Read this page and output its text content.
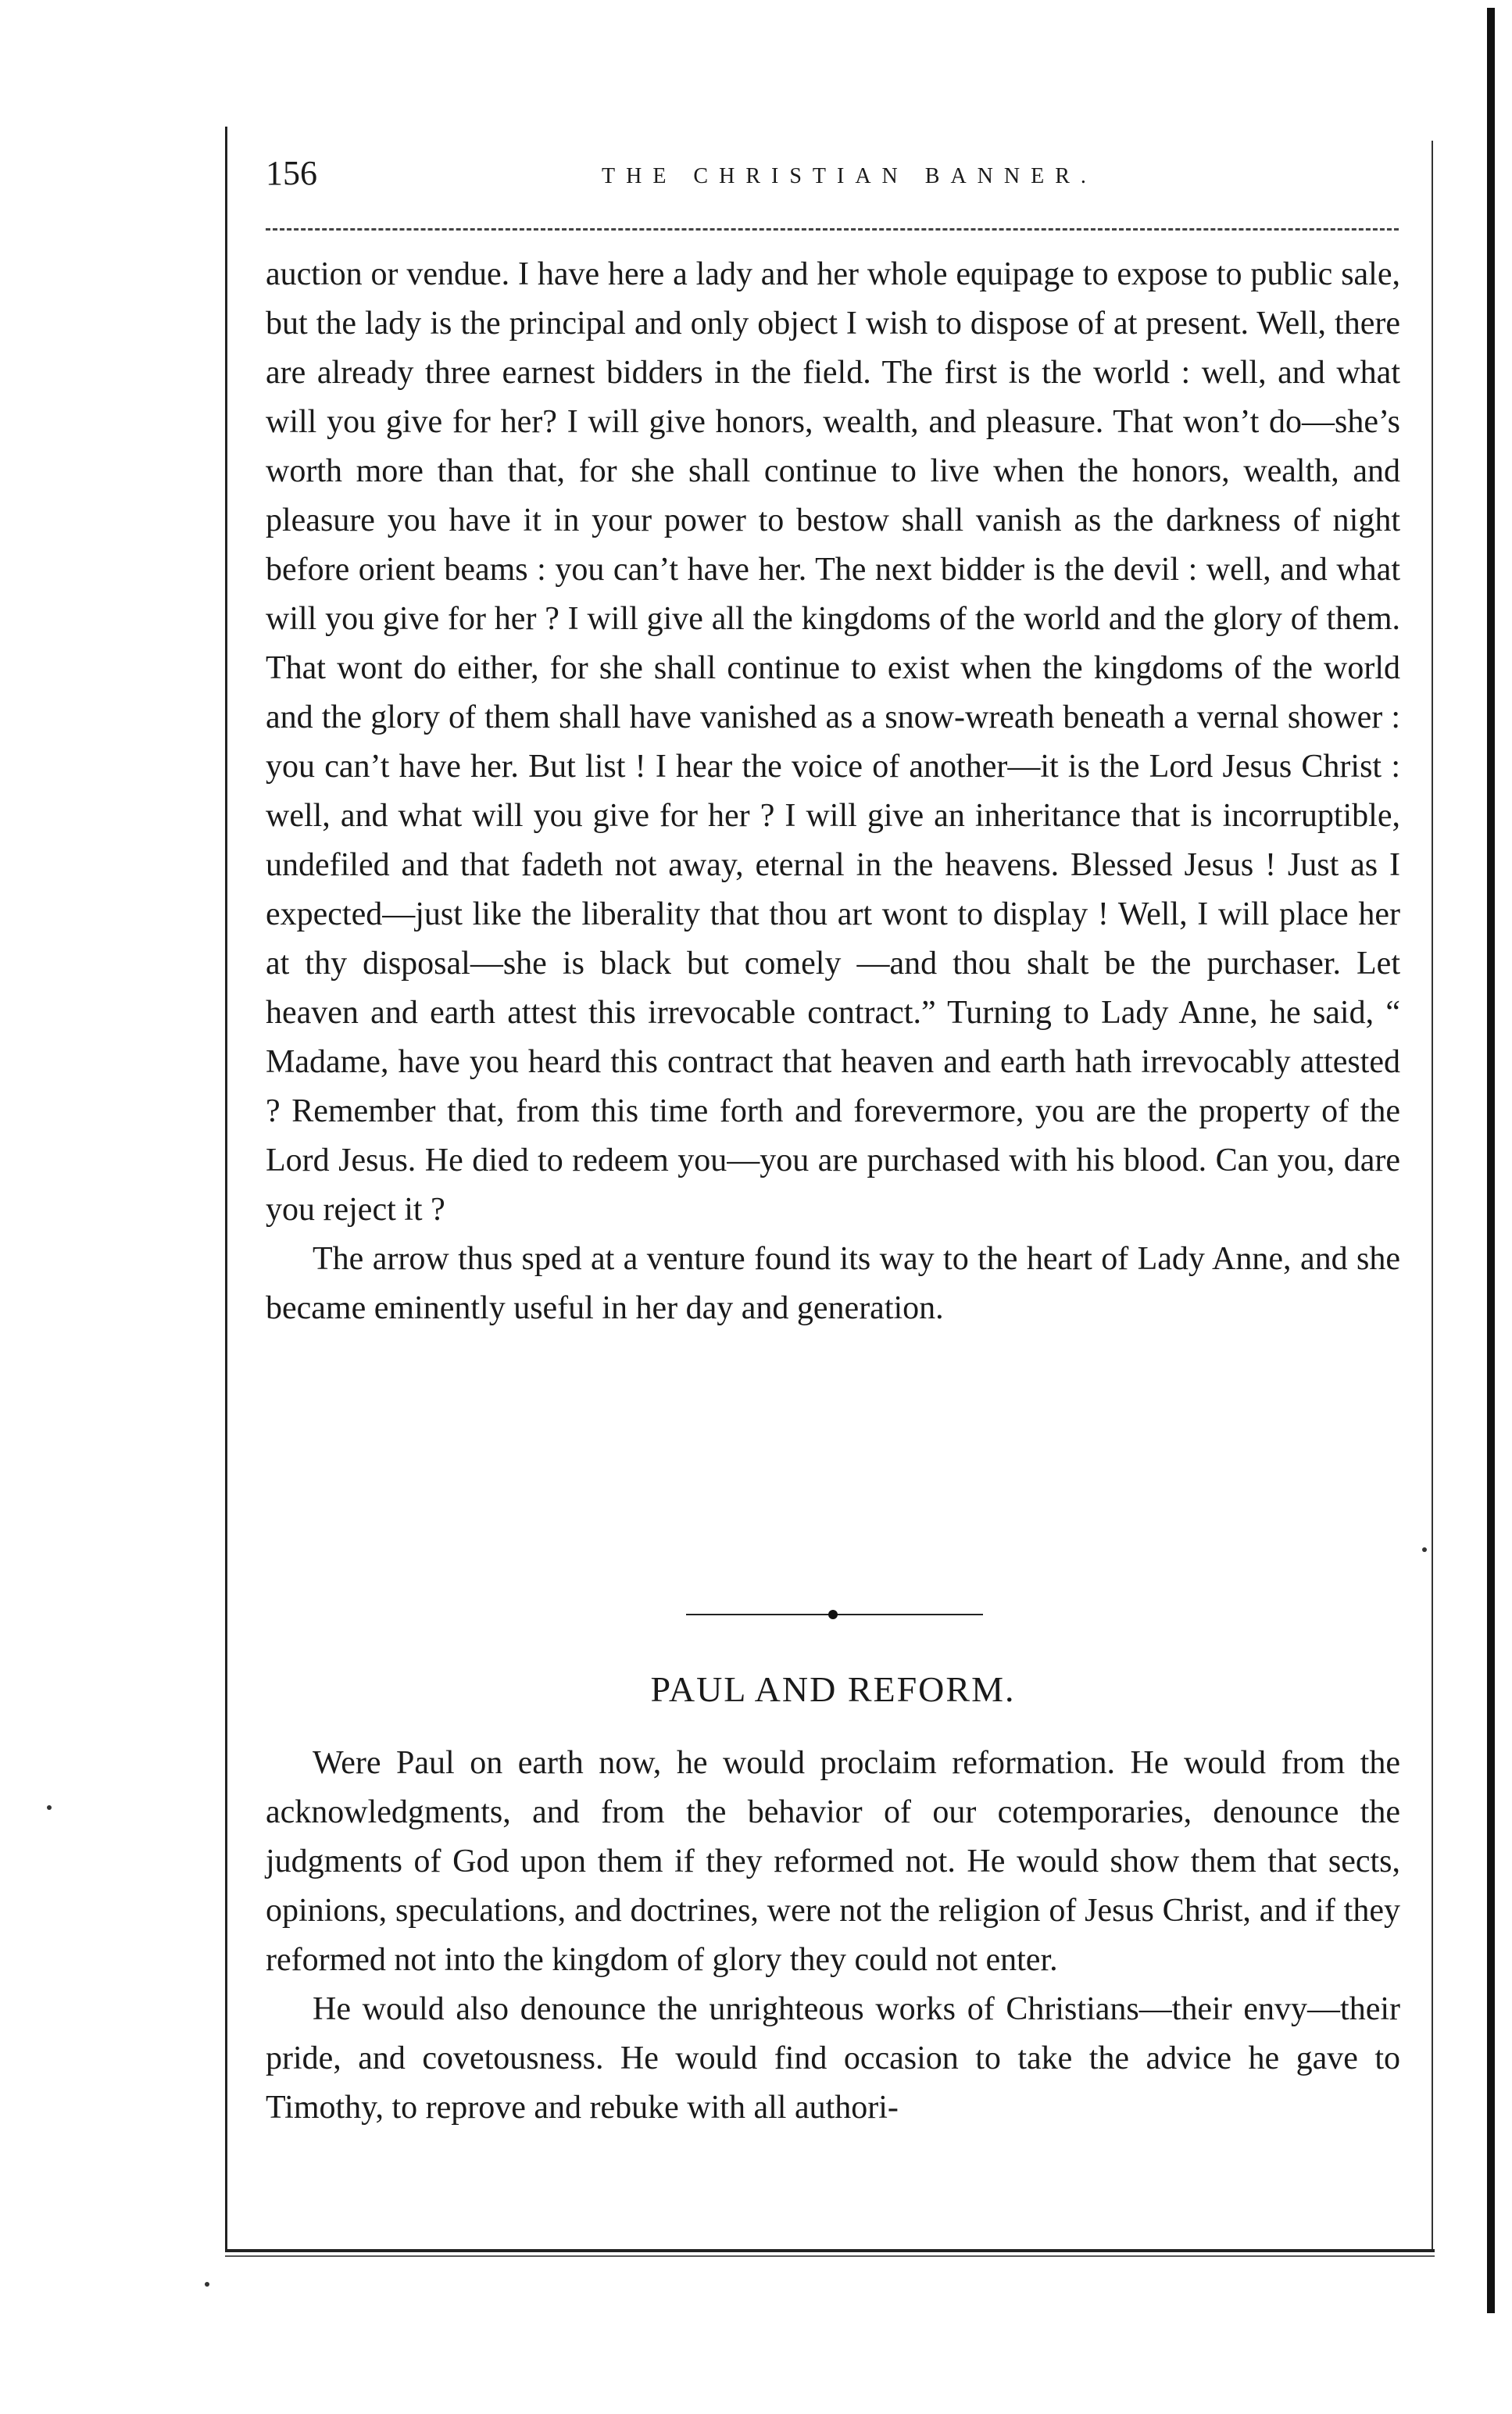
156	THE CHRISTIAN BANNER.

auction or vendue. I have here a lady and her whole equipage to expose to public sale, but the lady is the principal and only object I wish to dispose of at present. Well, there are already three earnest bidders in the field. The first is the world : well, and what will you give for her? I will give honors, wealth, and pleasure. That won’t do—she’s worth more than that, for she shall continue to live when the honors, wealth, and pleasure you have it in your power to bestow shall vanish as the darkness of night before orient beams : you can’t have her. The next bidder is the devil : well, and what will you give for her ? I will give all the kingdoms of the world and the glory of them. That wont do either, for she shall continue to exist when the kingdoms of the world and the glory of them shall have vanished as a snow-wreath beneath a vernal shower : you can’t have her. But list ! I hear the voice of another—it is the Lord Jesus Christ : well, and what will you give for her ? I will give an inheritance that is incorruptible, undefiled and that fadeth not away, eternal in the heavens. Blessed Jesus ! Just as I expected—just like the liberality that thou art wont to display ! Well, I will place her at thy disposal—she is black but comely —and thou shalt be the purchaser. Let heaven and earth attest this irrevocable contract.” Turning to Lady Anne, he said, “ Madame, have you heard this contract that heaven and earth hath irrevocably attested ? Remember that, from this time forth and forevermore, you are the property of the Lord Jesus. He died to redeem you—you are purchased with his blood. Can you, dare you reject it ?

The arrow thus sped at a venture found its way to the heart of Lady Anne, and she became eminently useful in her day and generation.

PAUL AND REFORM.

Were Paul on earth now, he would proclaim reformation. He would from the acknowledgments, and from the behavior of our cotemporaries, denounce the judgments of God upon them if they reformed not. He would show them that sects, opinions, speculations, and doctrines, were not the religion of Jesus Christ, and if they reformed not into the kingdom of glory they could not enter.

He would also denounce the unrighteous works of Christians—their envy—their pride, and covetousness. He would find occasion to take the advice he gave to Timothy, to reprove and rebuke with all authori-
